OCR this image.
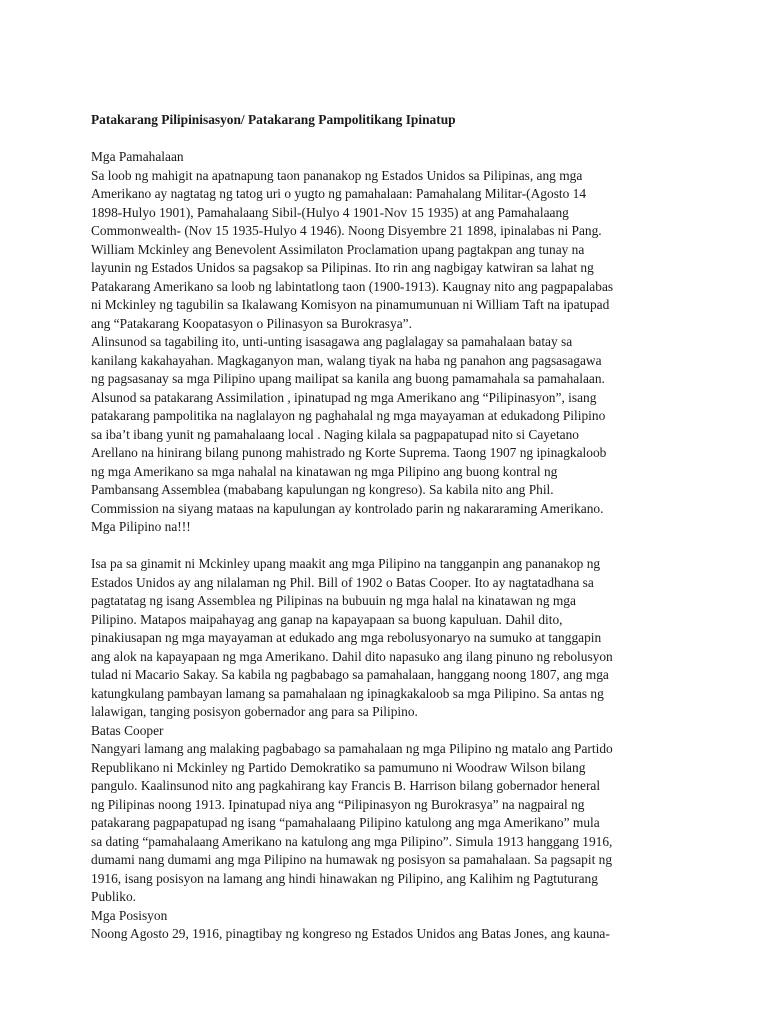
Patakarang Pilipinisasyon/ Patakarang Pampolitikang Ipinatup
Mga Pamahalaan
Sa loob ng mahigit na apatnapung taon pananakop ng Estados Unidos sa Pilipinas, ang mga
Amerikano ay nagtatag ng tatog uri o yugto ng pamahalaan: Pamahalang Militar-(Agosto 14
1898-Hulyo 1901), Pamahalaang Sibil-(Hulyo 4 1901-Nov 15 1935) at ang Pamahalaang
Commonwealth- (Nov 15 1935-Hulyo 4 1946). Noong Disyembre 21 1898, ipinalabas ni Pang.
William Mckinley ang Benevolent Assimilaton Proclamation upang pagtakpan ang tunay na
layunin ng Estados Unidos sa pagsakop sa Pilipinas. Ito rin ang nagbigay katwiran sa lahat ng
Patakarang Amerikano sa loob ng labintatlong taon (1900-1913). Kaugnay nito ang pagpapalabas
ni Mckinley ng tagubilin sa Ikalawang Komisyon na pinamumunuan ni William Taft na ipatupad
ang “Patakarang Koopatasyon o Pilinasyon sa Burokrasya”.
Alinsunod sa tagabiling ito, unti-unting isasagawa ang paglalagay sa pamahalaan batay sa
kanilang kakahayahan. Magkaganyon man, walang tiyak na haba ng panahon ang pagsasagawa
ng pagsasanay sa mga Pilipino upang mailipat sa kanila ang buong pamamahala sa pamahalaan.
Alsunod sa patakarang Assimilation , ipinatupad ng mga Amerikano ang “Pilipinasyon”, isang
patakarang pampolitika na naglalayon ng paghahalal ng mga mayayaman at edukadong Pilipino
sa iba’t ibang yunit ng pamahalaang local . Naging kilala sa pagpapatupad nito si Cayetano
Arellano na hinirang bilang punong mahistrado ng Korte Suprema. Taong 1907 ng ipinagkaloob
ng mga Amerikano sa mga nahalal na kinatawan ng mga Pilipino ang buong kontral ng
Pambansang Assemblea (mababang kapulungan ng kongreso). Sa kabila nito ang Phil.
Commission na siyang mataas na kapulungan ay kontrolado parin ng nakararaming Amerikano.
Mga Pilipino na!!!
Isa pa sa ginamit ni Mckinley upang maakit ang mga Pilipino na tangganpin ang pananakop ng
Estados Unidos ay ang nilalaman ng Phil. Bill of 1902 o Batas Cooper. Ito ay nagtatadhana sa
pagtatatag ng isang Assemblea ng Pilipinas na bubuuin ng mga halal na kinatawan ng mga
Pilipino. Matapos maipahayag ang ganap na kapayapaan sa buong kapuluan. Dahil dito,
pinakiusapan ng mga mayayaman at edukado ang mga rebolusyonaryo na sumuko at tanggapin
ang alok na kapayapaan ng mga Amerikano. Dahil dito napasuko ang ilang pinuno ng rebolusyon
tulad ni Macario Sakay. Sa kabila ng pagbabago sa pamahalaan, hanggang noong 1807, ang mga
katungkulang pambayan lamang sa pamahalaan ng ipinagkakaloob sa mga Pilipino. Sa antas ng
lalawigan, tanging posisyon gobernador ang para sa Pilipino.
Batas Cooper
Nangyari lamang ang malaking pagbabago sa pamahalaan ng mga Pilipino ng matalo ang Partido
Republikano ni Mckinley ng Partido Demokratiko sa pamumuno ni Woodraw Wilson bilang
pangulo. Kaalinsunod nito ang pagkahirang kay Francis B. Harrison bilang gobernador heneral
ng Pilipinas noong 1913. Ipinatupad niya ang “Pilipinasyon ng Burokrasya” na nagpairal ng
patakarang pagpapatupad ng isang “pamahalaang Pilipino katulong ang mga Amerikano” mula
sa dating “pamahalaang Amerikano na katulong ang mga Pilipino”. Simula 1913 hanggang 1916,
dumami nang dumami ang mga Pilipino na humawak ng posisyon sa pamahalaan. Sa pagsapit ng
1916, isang posisyon na lamang ang hindi hinawakan ng Pilipino, ang Kalihim ng Pagtuturang
Publiko.
Mga Posisyon
Noong Agosto 29, 1916, pinagtibay ng kongreso ng Estados Unidos ang Batas Jones, ang kauna-
